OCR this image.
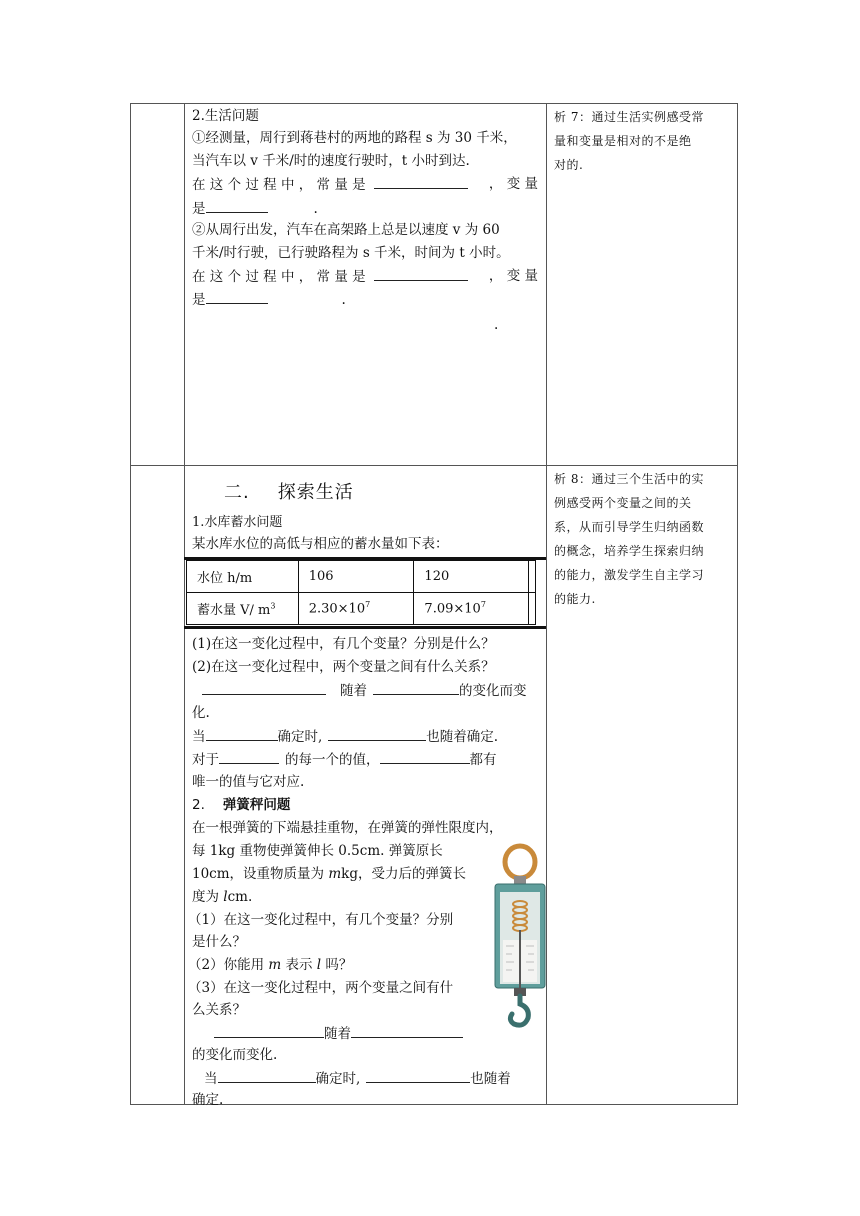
2.生活问题
①经测量，周行到蒋巷村的两地的路程 s 为 30 千米，
当汽车以 v 千米/时的速度行驶时，t 小时到达.
在 这 个 过 程 中 ， 常 量 是	， 变 量
是	.
②从周行出发，汽车在高架路上总是以速度 v 为 60
千米/时行驶，已行驶路程为 s 千米，时间为 t 小时。
在 这 个 过 程 中 ， 常 量 是	， 变 量
是	.
.
析 7：通过生活实例感受常
量和变量是相对的不是绝
对的.
二. 探索生活
1.水库蓄水问题
某水库水位的高低与相应的蓄水量如下表：
水位 h/m	106	120	
蓄水量 V/ $m^3$	$2.30\times 10^7$	$7.09\times 10^7$	
(1)在这一变化过程中，有几个变量？分别是什么？
(2)在这一变化过程中，两个变量之间有什么关系？
随着	的变化而变
化.
当	确定时,	也随着确定.
对于	的每一个的值，	都有
唯一的值与它对应.
2. 弹簧秤问题
在一根弹簧的下端悬挂重物，在弹簧的弹性限度内，
每 1kg 重物使弹簧伸长 0.5cm. 弹簧原长
10cm，设重物质量为 mkg，受力后的弹簧长
度为 lcm.
（1）在这一变化过程中，有几个变量？分别
是什么？
（2）你能用 m 表示 l 吗？
（3）在这一变化过程中，两个变量之间有什
么关系？
随着
的变化而变化.
当	确定时,	也随着
确定.
析 8：通过三个生活中的实
例感受两个变量之间的关
系，从而引导学生归纳函数
的概念，培养学生探索归纳
的能力，激发学生自主学习
的能力.
